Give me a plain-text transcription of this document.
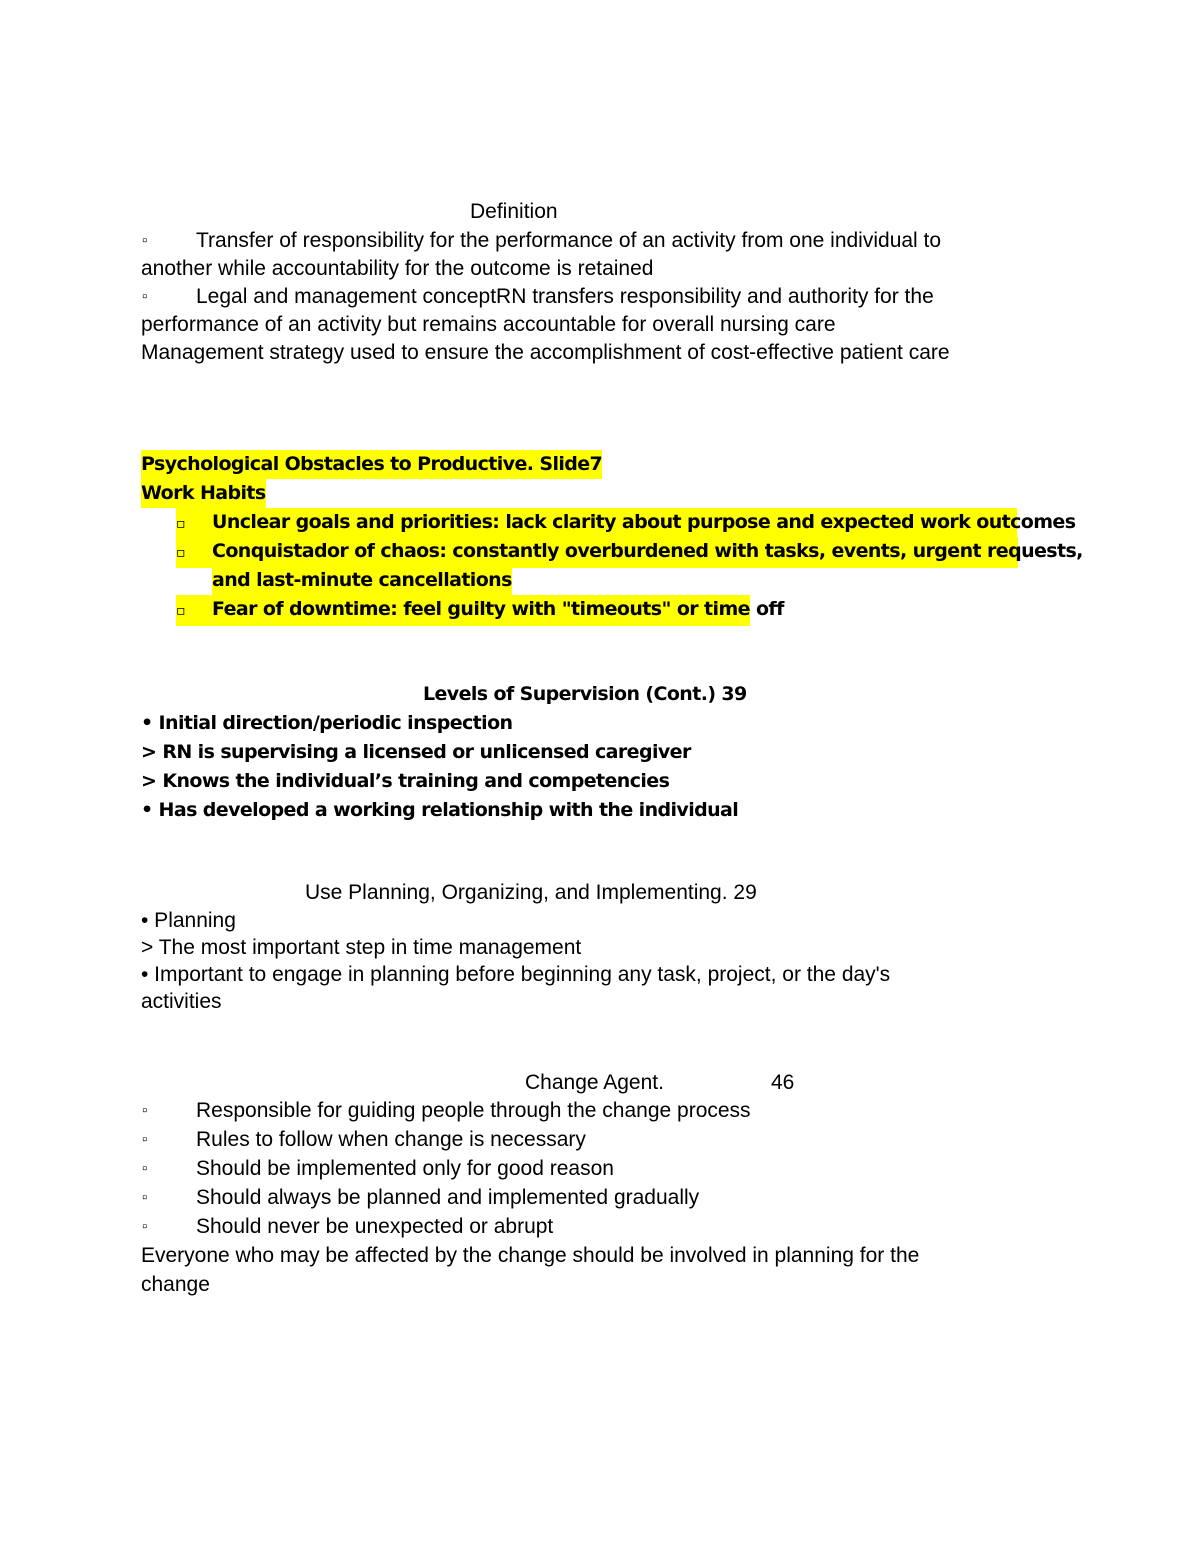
Definition
▫ Transfer of responsibility for the performance of an activity from one individual to
another while accountability for the outcome is retained
▫ Legal and management conceptRN transfers responsibility and authority for the
performance of an activity but remains accountable for overall nursing care
Management strategy used to ensure the accomplishment of cost-effective patient care
Psychological Obstacles to Productive. Slide7
Work Habits
▫ Unclear goals and priorities: lack clarity about purpose and expected work outcomes
▫ Conquistador of chaos: constantly overburdened with tasks, events, urgent requests,
and last-minute cancellations
▫ Fear of downtime: feel guilty with "timeouts" or time off
Levels of Supervision (Cont.) 39
• Initial direction/periodic inspection
> RN is supervising a licensed or unlicensed caregiver
> Knows the individual’s training and competencies
• Has developed a working relationship with the individual
Use Planning, Organizing, and Implementing. 29
• Planning
> The most important step in time management
• Important to engage in planning before beginning any task, project, or the day's
activities
Change Agent.	46
▫ Responsible for guiding people through the change process
▫ Rules to follow when change is necessary
▫ Should be implemented only for good reason
▫ Should always be planned and implemented gradually
▫ Should never be unexpected or abrupt
Everyone who may be affected by the change should be involved in planning for the
change
